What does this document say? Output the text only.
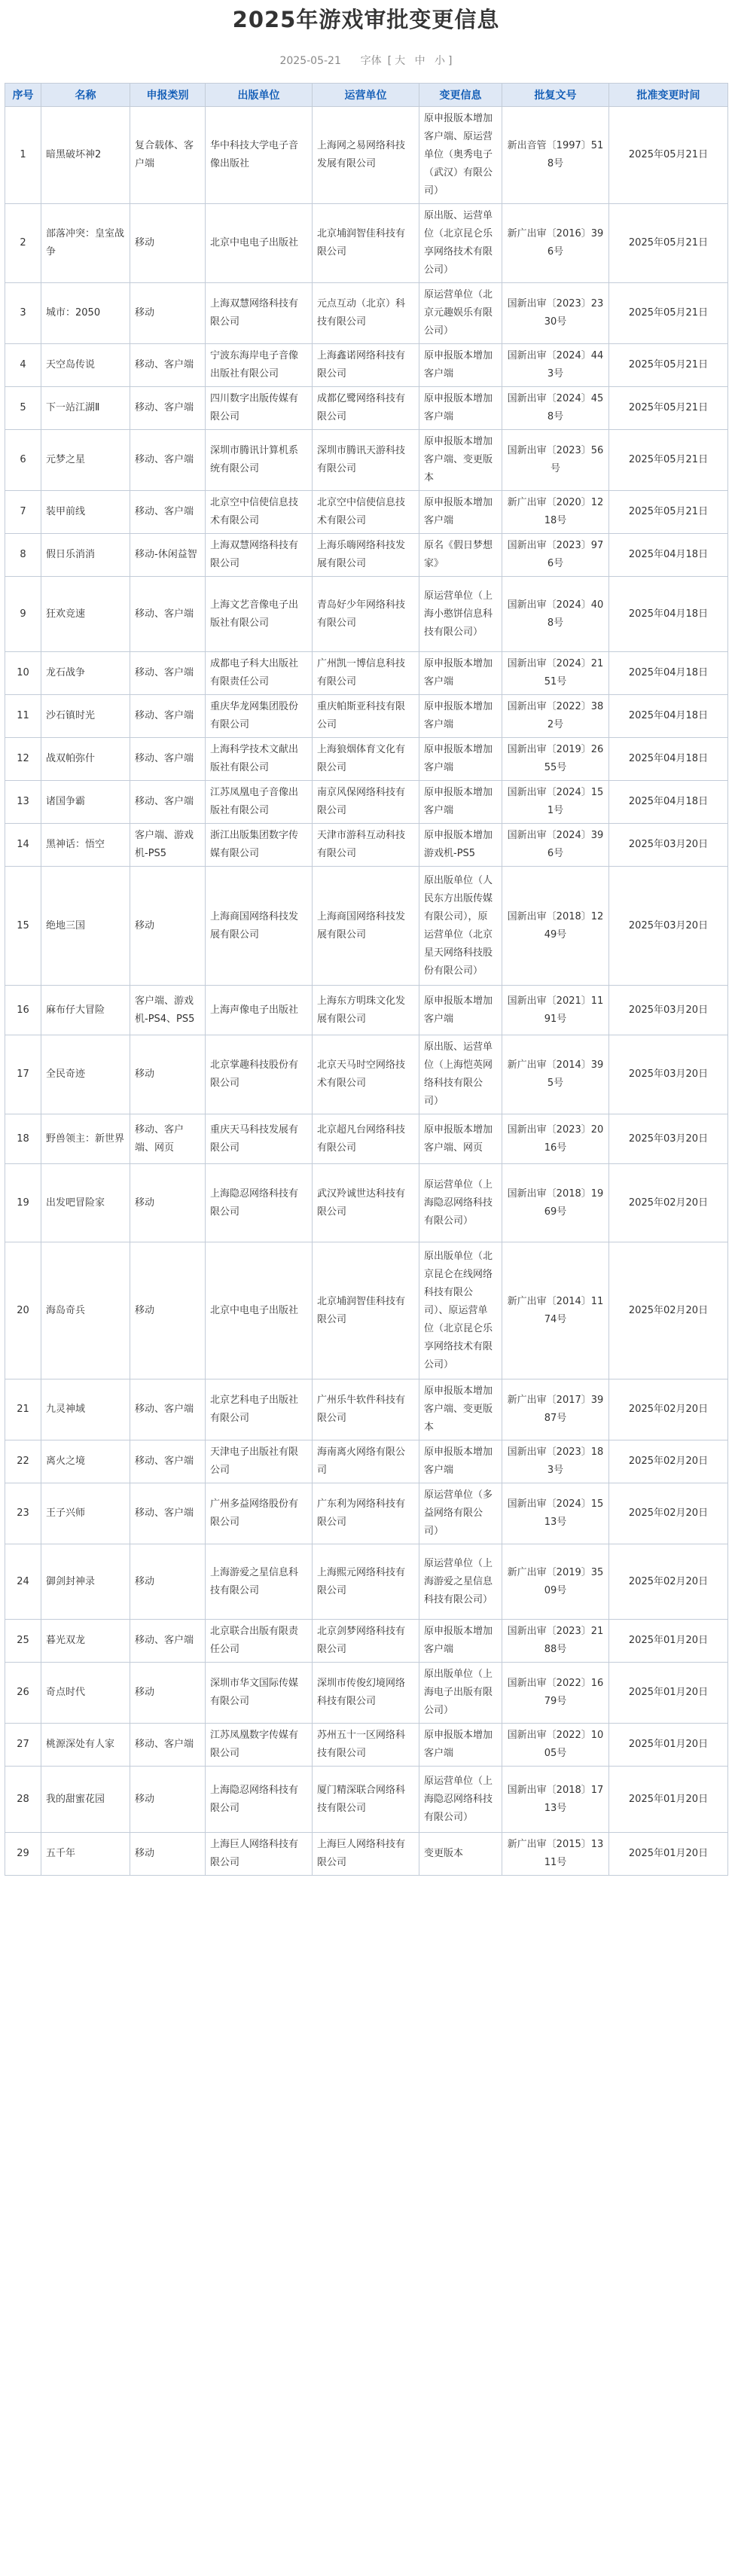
2025年游戏审批变更信息
2025-05-21 字体 [ 大 中 小 ]
序号	名称	申报类别	出版单位	运营单位	变更信息	批复文号	批准变更时间
1	暗黑破坏神2	复合载体、客户端	华中科技大学电子音像出版社	上海网之易网络科技发展有限公司	原申报版本增加客户端、原运营单位（奥秀电子（武汉）有限公司）	新出音管〔1997〕518号	2025年05月21日
2	部落冲突：皇室战争	移动	北京中电电子出版社	北京埔润智佳科技有限公司	原出版、运营单位（北京昆仑乐享网络技术有限公司）	新广出审〔2016〕396号	2025年05月21日
3	城市：2050	移动	上海双慧网络科技有限公司	元点互动（北京）科技有限公司	原运营单位（北京元趣娱乐有限公司）	国新出审〔2023〕2330号	2025年05月21日
4	天空岛传说	移动、客户端	宁波东海岸电子音像出版社有限公司	上海鑫诺网络科技有限公司	原申报版本增加客户端	国新出审〔2024〕443号	2025年05月21日
5	下一站江湖Ⅱ	移动、客户端	四川数字出版传媒有限公司	成都亿鹭网络科技有限公司	原申报版本增加客户端	国新出审〔2024〕458号	2025年05月21日
6	元梦之星	移动、客户端	深圳市腾讯计算机系统有限公司	深圳市腾讯天游科技有限公司	原申报版本增加客户端、变更版本	国新出审〔2023〕56号	2025年05月21日
7	装甲前线	移动、客户端	北京空中信使信息技术有限公司	北京空中信使信息技术有限公司	原申报版本增加客户端	新广出审〔2020〕1218号	2025年05月21日
8	假日乐消消	移动-休闲益智	上海双慧网络科技有限公司	上海乐嗨网络科技发展有限公司	原名《假日梦想家》	国新出审〔2023〕976号	2025年04月18日
9	狂欢竞速	移动、客户端	上海文艺音像电子出版社有限公司	青岛好少年网络科技有限公司	原运营单位（上海小憨饼信息科技有限公司）	国新出审〔2024〕408号	2025年04月18日
10	龙石战争	移动、客户端	成都电子科大出版社有限责任公司	广州凯一博信息科技有限公司	原申报版本增加客户端	国新出审〔2024〕2151号	2025年04月18日
11	沙石镇时光	移动、客户端	重庆华龙网集团股份有限公司	重庆帕斯亚科技有限公司	原申报版本增加客户端	国新出审〔2022〕382号	2025年04月18日
12	战双帕弥什	移动、客户端	上海科学技术文献出版社有限公司	上海狼烟体育文化有限公司	原申报版本增加客户端	国新出审〔2019〕2655号	2025年04月18日
13	诸国争霸	移动、客户端	江苏凤凰电子音像出版社有限公司	南京风保网络科技有限公司	原申报版本增加客户端	国新出审〔2024〕151号	2025年04月18日
14	黑神话：悟空	客户端、游戏机-PS5	浙江出版集团数字传媒有限公司	天津市游科互动科技有限公司	原申报版本增加游戏机-PS5	国新出审〔2024〕396号	2025年03月20日
15	绝地三国	移动	上海商国网络科技发展有限公司	上海商国网络科技发展有限公司	原出版单位（人民东方出版传媒有限公司），原运营单位（北京星天网络科技股份有限公司）	国新出审〔2018〕1249号	2025年03月20日
16	麻布仔大冒险	客户端、游戏机-PS4、PS5	上海声像电子出版社	上海东方明珠文化发展有限公司	原申报版本增加客户端	国新出审〔2021〕1191号	2025年03月20日
17	全民奇迹	移动	北京掌趣科技股份有限公司	北京天马时空网络技术有限公司	原出版、运营单位（上海恺英网络科技有限公司）	新广出审〔2014〕395号	2025年03月20日
18	野兽领主：新世界	移动、客户端、网页	重庆天马科技发展有限公司	北京超凡台网络科技有限公司	原申报版本增加客户端、网页	国新出审〔2023〕2016号	2025年03月20日
19	出发吧冒险家	移动	上海隐忍网络科技有限公司	武汉羚诚世达科技有限公司	原运营单位（上海隐忍网络科技有限公司）	国新出审〔2018〕1969号	2025年02月20日
20	海岛奇兵	移动	北京中电电子出版社	北京埔润智佳科技有限公司	原出版单位（北京昆仑在线网络科技有限公司）、原运营单位（北京昆仑乐享网络技术有限公司）	新广出审〔2014〕1174号	2025年02月20日
21	九灵神域	移动、客户端	北京艺科电子出版社有限公司	广州乐牛软件科技有限公司	原申报版本增加客户端、变更版本	新广出审〔2017〕3987号	2025年02月20日
22	离火之境	移动、客户端	天津电子出版社有限公司	海南离火网络有限公司	原申报版本增加客户端	国新出审〔2023〕183号	2025年02月20日
23	王子兴师	移动、客户端	广州多益网络股份有限公司	广东利为网络科技有限公司	原运营单位（多益网络有限公司）	国新出审〔2024〕1513号	2025年02月20日
24	御剑封神录	移动	上海游爱之星信息科技有限公司	上海熙元网络科技有限公司	原运营单位（上海游爱之星信息科技有限公司）	新广出审〔2019〕3509号	2025年02月20日
25	暮光双龙	移动、客户端	北京联合出版有限责任公司	北京剑梦网络科技有限公司	原申报版本增加客户端	国新出审〔2023〕2188号	2025年01月20日
26	奇点时代	移动	深圳市华文国际传媒有限公司	深圳市传俊幻境网络科技有限公司	原出版单位（上海电子出版有限公司）	国新出审〔2022〕1679号	2025年01月20日
27	桃源深处有人家	移动、客户端	江苏凤凰数字传媒有限公司	苏州五十一区网络科技有限公司	原申报版本增加客户端	国新出审〔2022〕1005号	2025年01月20日
28	我的甜蜜花园	移动	上海隐忍网络科技有限公司	厦门精深联合网络科技有限公司	原运营单位（上海隐忍网络科技有限公司）	国新出审〔2018〕1713号	2025年01月20日
29	五千年	移动	上海巨人网络科技有限公司	上海巨人网络科技有限公司	变更版本	新广出审〔2015〕1311号	2025年01月20日
